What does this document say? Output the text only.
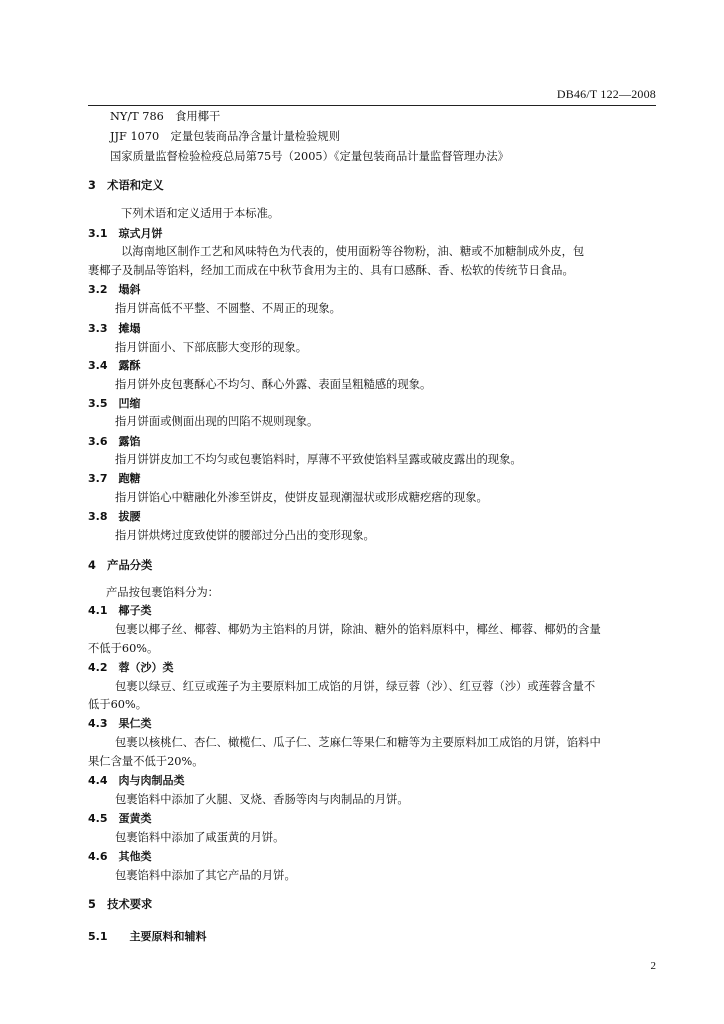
DB46/T 122—2008
NY/T 786　食用椰干
JJF 1070　定量包装商品净含量计量检验规则
国家质量监督检验检疫总局第75号（2005）《定量包装商品计量监督管理办法》
3　术语和定义
下列术语和定义适用于本标准。
3.1　琼式月饼
以海南地区制作工艺和风味特色为代表的，使用面粉等谷物粉，油、糖或不加糖制成外皮，包
裹椰子及制品等馅料，经加工而成在中秋节食用为主的、具有口感酥、香、松软的传统节日食品。
3.2　塌斜
指月饼高低不平整、不圆整、不周正的现象。
3.3　摊塌
指月饼面小、下部底膨大变形的现象。
3.4　露酥
指月饼外皮包裹酥心不均匀、酥心外露、表面呈粗糙感的现象。
3.5　凹缩
指月饼面或侧面出现的凹陷不规则现象。
3.6　露馅
指月饼饼皮加工不均匀或包裹馅料时，厚薄不平致使馅料呈露或破皮露出的现象。
3.7　跑糖
指月饼馅心中糖融化外渗至饼皮，使饼皮显现潮湿状或形成糖疙瘩的现象。
3.8　拔腰
指月饼烘烤过度致使饼的腰部过分凸出的变形现象。
4　产品分类
产品按包裹馅料分为：
4.1　椰子类
包裹以椰子丝、椰蓉、椰奶为主馅料的月饼，除油、糖外的馅料原料中，椰丝、椰蓉、椰奶的含量
不低于60%。
4.2　蓉（沙）类
包裹以绿豆、红豆或莲子为主要原料加工成馅的月饼，绿豆蓉（沙）、红豆蓉（沙）或莲蓉含量不
低于60%。
4.3　果仁类
包裹以核桃仁、杏仁、橄榄仁、瓜子仁、芝麻仁等果仁和糖等为主要原料加工成馅的月饼，馅料中
果仁含量不低于20%。
4.4　肉与肉制品类
包裹馅料中添加了火腿、叉烧、香肠等肉与肉制品的月饼。
4.5　蛋黄类
包裹馅料中添加了咸蛋黄的月饼。
4.6　其他类
包裹馅料中添加了其它产品的月饼。
5　技术要求
5.1　　主要原料和辅料
2
